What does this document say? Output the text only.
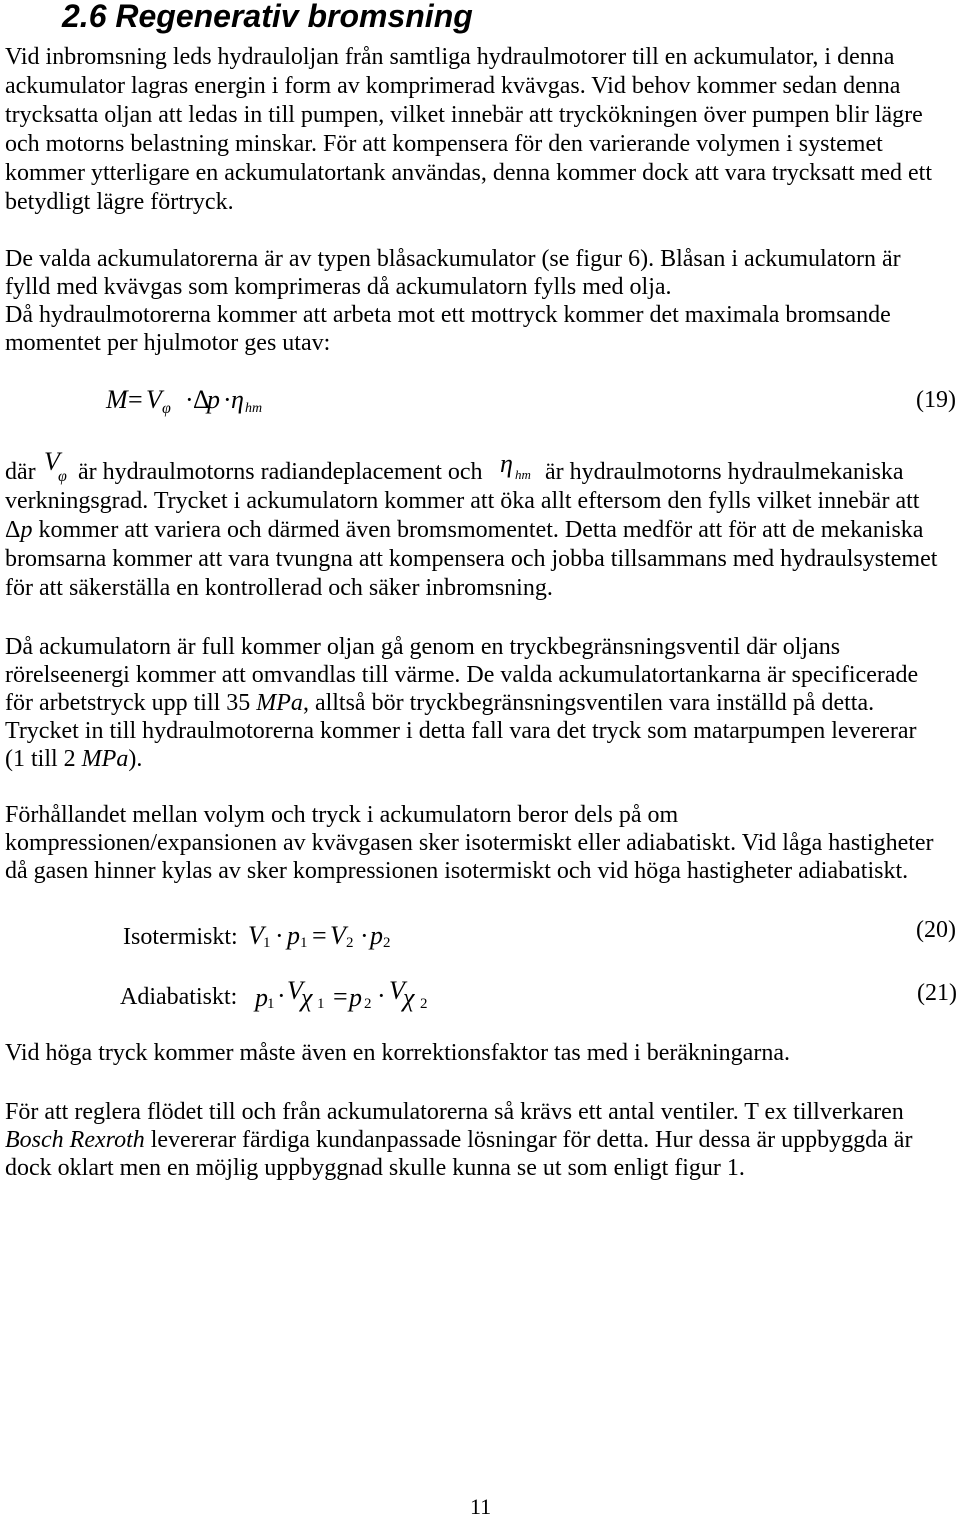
2.6 Regenerativ bromsning
Vid inbromsning leds hydrauloljan från samtliga hydraulmotorer till en ackumulator, i denna
ackumulator lagras energin i form av komprimerad kvävgas. Vid behov kommer sedan denna
trycksatta oljan att ledas in till pumpen, vilket innebär att tryckökningen över pumpen blir lägre
och motorns belastning minskar. För att kompensera för den varierande volymen i systemet
kommer ytterligare en ackumulatortank användas, denna kommer dock att vara trycksatt med ett
betydligt lägre förtryck.
De valda ackumulatorerna är av typen blåsackumulator (se figur 6). Blåsan i ackumulatorn är
fylld med kvävgas som komprimeras då ackumulatorn fylls med olja.
Då hydraulmotorerna kommer att arbeta mot ett mottryck kommer det maximala bromsande
momentet per hjulmotor ges utav:
M = V φ · Δ
p · η hm	(19)
där V
φ är hydraulmotorns radiandeplacement och η hm är hydraulmotorns hydraulmekaniska
verkningsgrad. Trycket i ackumulatorn kommer att öka allt eftersom den fylls vilket innebär att
Δp kommer att variera och därmed även bromsmomentet. Detta medför att för att de mekaniska
bromsarna kommer att vara tvungna att kompensera och jobba tillsammans med hydraulsystemet
för att säkerställa en kontrollerad och säker inbromsning.
Då ackumulatorn är full kommer oljan gå genom en tryckbegränsningsventil där oljans
rörelseenergi kommer att omvandlas till värme. De valda ackumulatortankarna är specificerade
för arbetstryck upp till 35 MPa, alltså bör tryckbegränsningsventilen vara inställd på detta.
Trycket in till hydraulmotorerna kommer i detta fall vara det tryck som matarpumpen levererar
(1 till 2 MPa).
Förhållandet mellan volym och tryck i ackumulatorn beror dels på om
kompressionen/expansionen av kvävgasen sker isotermiskt eller adiabatiskt. Vid låga hastigheter
då gasen hinner kylas av sker kompressionen isotermiskt och vid höga hastigheter adiabatiskt.
Isotermiskt: V 1 · p 1 = V 2 · p 2	(20)
Adiabatiskt: p 1 · V
χ 1 = p 2 · V
χ 2	(21)
Vid höga tryck kommer måste även en korrektionsfaktor tas med i beräkningarna.
För att reglera flödet till och från ackumulatorerna så krävs ett antal ventiler. T ex tillverkaren
Bosch Rexroth levererar färdiga kundanpassade lösningar för detta. Hur dessa är uppbyggda är
dock oklart men en möjlig uppbyggnad skulle kunna se ut som enligt figur 1.
11
